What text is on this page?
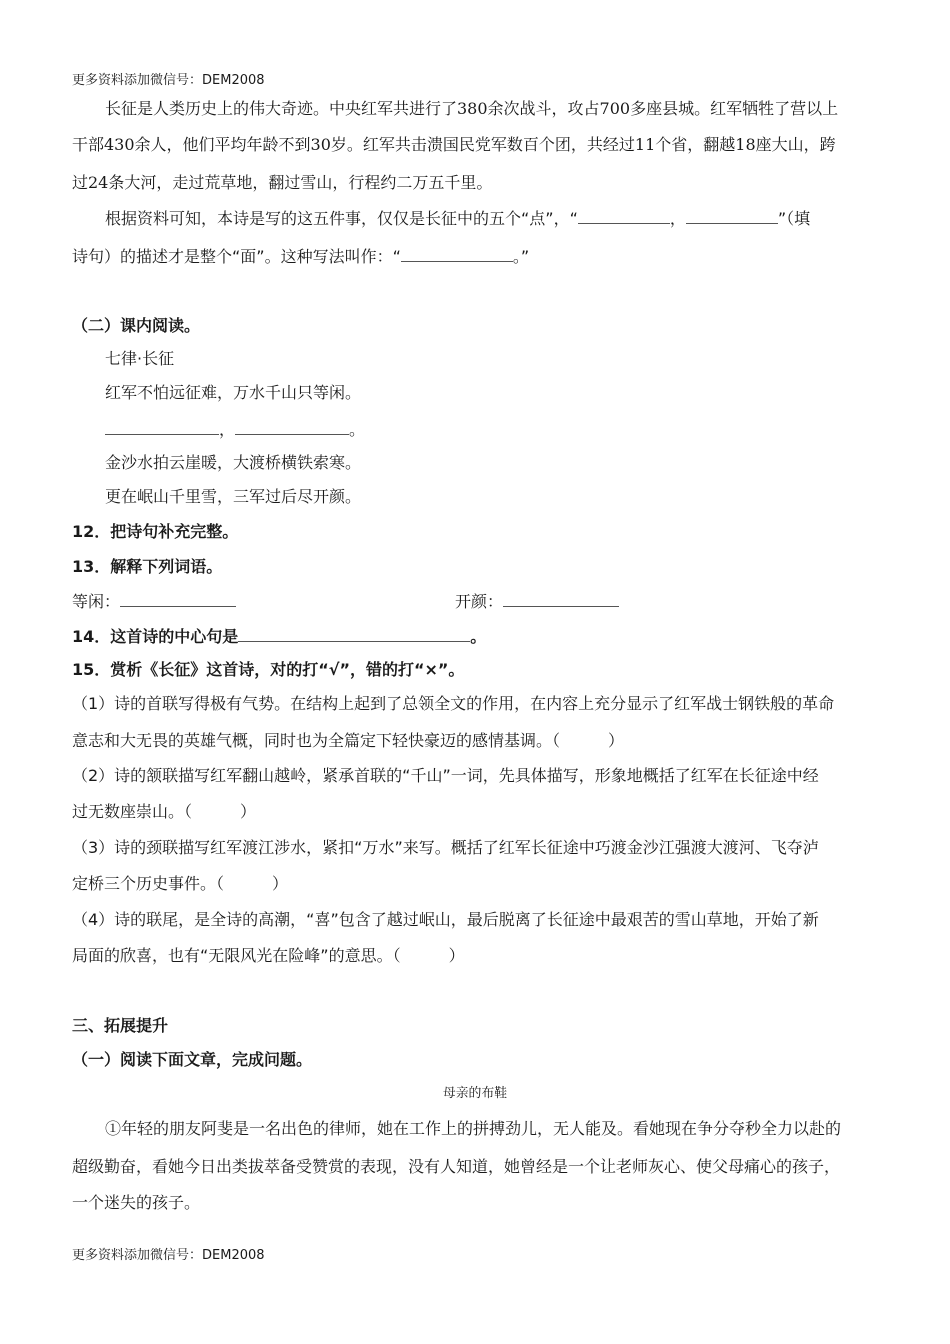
更多资料添加微信号：DEM2008
长征是人类历史上的伟大奇迹。中央红军共进行了380余次战斗，攻占700多座县城。红军牺牲了营以上
干部430余人，他们平均年龄不到30岁。红军共击溃国民党军数百个团，共经过11个省，翻越18座大山，跨
过24条大河，走过荒草地，翻过雪山，行程约二万五千里。
根据资料可知，本诗是写的这五件事，仅仅是长征中的五个“点”，“	，	”（填
诗句）的描述才是整个“面”。这种写法叫作：“	。”
（二）课内阅读。
七律·长征
红军不怕远征难，万水千山只等闲。
，	。
金沙水拍云崖暖，大渡桥横铁索寒。
更在岷山千里雪，三军过后尽开颜。
12．把诗句补充完整。
13．解释下列词语。
等闲：	开颜：
14．这首诗的中心句是	。
15．赏析《长征》这首诗，对的打“√”，错的打“×”。
（1）诗的首联写得极有气势。在结构上起到了总领全文的作用，在内容上充分显示了红军战士钢铁般的革命
意志和大无畏的英雄气概，同时也为全篇定下轻快豪迈的感情基调。（　　　）
（2）诗的颔联描写红军翻山越岭，紧承首联的“千山”一词，先具体描写，形象地概括了红军在长征途中经
过无数座崇山。（　　　）
（3）诗的颈联描写红军渡江涉水，紧扣“万水”来写。概括了红军长征途中巧渡金沙江强渡大渡河、飞夺泸
定桥三个历史事件。（　　　）
（4）诗的联尾，是全诗的高潮，“喜”包含了越过岷山，最后脱离了长征途中最艰苦的雪山草地，开始了新
局面的欣喜，也有“无限风光在险峰”的意思。（　　　）
三、拓展提升
（一）阅读下面文章，完成问题。
母亲的布鞋
①年轻的朋友阿斐是一名出色的律师，她在工作上的拼搏劲儿，无人能及。看她现在争分夺秒全力以赴的
超级勤奋，看她今日出类拔萃备受赞赏的表现，没有人知道，她曾经是一个让老师灰心、使父母痛心的孩子，
一个迷失的孩子。
更多资料添加微信号：DEM2008
